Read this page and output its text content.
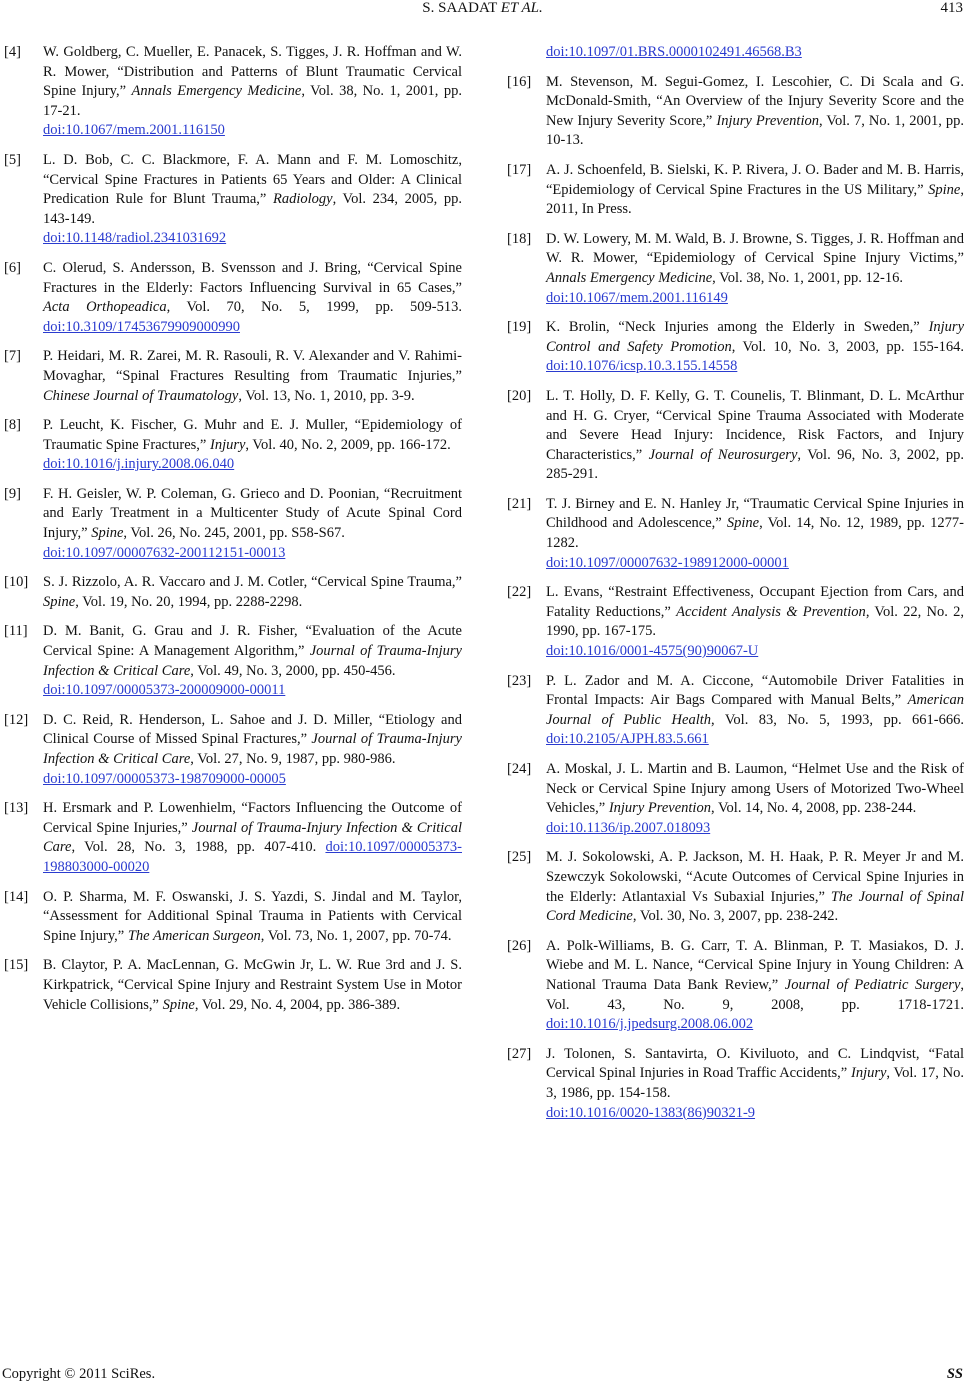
S. SAADAT ET AL.	413
[4] W. Goldberg, C. Mueller, E. Panacek, S. Tigges, J. R. Hoffman and W. R. Mower, “Distribution and Patterns of Blunt Traumatic Cervical Spine Injury,” Annals Emergency Medicine, Vol. 38, No. 1, 2001, pp. 17-21.
doi:10.1067/mem.2001.116150
[5] L. D. Bob, C. C. Blackmore, F. A. Mann and F. M. Lomoschitz, “Cervical Spine Fractures in Patients 65 Years and Older: A Clinical Predication Rule for Blunt Trauma,” Radiology, Vol. 234, 2005, pp. 143-149.
doi:10.1148/radiol.2341031692
[6] C. Olerud, S. Andersson, B. Svensson and J. Bring, “Cervical Spine Fractures in the Elderly: Factors Influencing Survival in 65 Cases,” Acta Orthopeadica, Vol. 70, No. 5, 1999, pp. 509-513. doi:10.3109/17453679909000990
[7] P. Heidari, M. R. Zarei, M. R. Rasouli, R. V. Alexander and V. Rahimi-Movaghar, “Spinal Fractures Resulting from Traumatic Injuries,” Chinese Journal of Traumatology, Vol. 13, No. 1, 2010, pp. 3-9.
[8] P. Leucht, K. Fischer, G. Muhr and E. J. Muller, “Epidemiology of Traumatic Spine Fractures,” Injury, Vol. 40, No. 2, 2009, pp. 166-172.
doi:10.1016/j.injury.2008.06.040
[9] F. H. Geisler, W. P. Coleman, G. Grieco and D. Poonian, “Recruitment and Early Treatment in a Multicenter Study of Acute Spinal Cord Injury,” Spine, Vol. 26, No. 245, 2001, pp. S58-S67.
doi:10.1097/00007632-200112151-00013
[10] S. J. Rizzolo, A. R. Vaccaro and J. M. Cotler, “Cervical Spine Trauma,” Spine, Vol. 19, No. 20, 1994, pp. 2288-2298.
[11] D. M. Banit, G. Grau and J. R. Fisher, “Evaluation of the Acute Cervical Spine: A Management Algorithm,” Journal of Trauma-Injury Infection & Critical Care, Vol. 49, No. 3, 2000, pp. 450-456.
doi:10.1097/00005373-200009000-00011
[12] D. C. Reid, R. Henderson, L. Sahoe and J. D. Miller, “Etiology and Clinical Course of Missed Spinal Fractures,” Journal of Trauma-Injury Infection & Critical Care, Vol. 27, No. 9, 1987, pp. 980-986.
doi:10.1097/00005373-198709000-00005
[13] H. Ersmark and P. Lowenhielm, “Factors Influencing the Outcome of Cervical Spine Injuries,” Journal of Trauma-Injury Infection & Critical Care, Vol. 28, No. 3, 1988, pp. 407-410. doi:10.1097/00005373-198803000-00020
[14] O. P. Sharma, M. F. Oswanski, J. S. Yazdi, S. Jindal and M. Taylor, “Assessment for Additional Spinal Trauma in Patients with Cervical Spine Injury,” The American Surgeon, Vol. 73, No. 1, 2007, pp. 70-74.
[15] B. Claytor, P. A. MacLennan, G. McGwin Jr, L. W. Rue 3rd and J. S. Kirkpatrick, “Cervical Spine Injury and Restraint System Use in Motor Vehicle Collisions,” Spine, Vol. 29, No. 4, 2004, pp. 386-389.
doi:10.1097/01.BRS.0000102491.46568.B3
[16] M. Stevenson, M. Segui-Gomez, I. Lescohier, C. Di Scala and G. McDonald-Smith, “An Overview of the Injury Severity Score and the New Injury Severity Score,” Injury Prevention, Vol. 7, No. 1, 2001, pp. 10-13.
[17] A. J. Schoenfeld, B. Sielski, K. P. Rivera, J. O. Bader and M. B. Harris, “Epidemiology of Cervical Spine Fractures in the US Military,” Spine, 2011, In Press.
[18] D. W. Lowery, M. M. Wald, B. J. Browne, S. Tigges, J. R. Hoffman and W. R. Mower, “Epidemiology of Cervical Spine Injury Victims,” Annals Emergency Medicine, Vol. 38, No. 1, 2001, pp. 12-16.
doi:10.1067/mem.2001.116149
[19] K. Brolin, “Neck Injuries among the Elderly in Sweden,” Injury Control and Safety Promotion, Vol. 10, No. 3, 2003, pp. 155-164. doi:10.1076/icsp.10.3.155.14558
[20] L. T. Holly, D. F. Kelly, G. T. Counelis, T. Blinmant, D. L. McArthur and H. G. Cryer, “Cervical Spine Trauma Associated with Moderate and Severe Head Injury: Incidence, Risk Factors, and Injury Characteristics,” Journal of Neurosurgery, Vol. 96, No. 3, 2002, pp. 285-291.
[21] T. J. Birney and E. N. Hanley Jr, “Traumatic Cervical Spine Injuries in Childhood and Adolescence,” Spine, Vol. 14, No. 12, 1989, pp. 1277-1282.
doi:10.1097/00007632-198912000-00001
[22] L. Evans, “Restraint Effectiveness, Occupant Ejection from Cars, and Fatality Reductions,” Accident Analysis & Prevention, Vol. 22, No. 2, 1990, pp. 167-175.
doi:10.1016/0001-4575(90)90067-U
[23] P. L. Zador and M. A. Ciccone, “Automobile Driver Fatalities in Frontal Impacts: Air Bags Compared with Manual Belts,” American Journal of Public Health, Vol. 83, No. 5, 1993, pp. 661-666. doi:10.2105/AJPH.83.5.661
[24] A. Moskal, J. L. Martin and B. Laumon, “Helmet Use and the Risk of Neck or Cervical Spine Injury among Users of Motorized Two-Wheel Vehicles,” Injury Prevention, Vol. 14, No. 4, 2008, pp. 238-244.
doi:10.1136/ip.2007.018093
[25] M. J. Sokolowski, A. P. Jackson, M. H. Haak, P. R. Meyer Jr and M. Szewczyk Sokolowski, “Acute Outcomes of Cervical Spine Injuries in the Elderly: Atlantaxial Vs Subaxial Injuries,” The Journal of Spinal Cord Medicine, Vol. 30, No. 3, 2007, pp. 238-242.
[26] A. Polk-Williams, B. G. Carr, T. A. Blinman, P. T. Masiakos, D. J. Wiebe and M. L. Nance, “Cervical Spine Injury in Young Children: A National Trauma Data Bank Review,” Journal of Pediatric Surgery, Vol. 43, No. 9, 2008, pp. 1718-1721. doi:10.1016/j.jpedsurg.2008.06.002
[27] J. Tolonen, S. Santavirta, O. Kiviluoto, and C. Lindqvist, “Fatal Cervical Spinal Injuries in Road Traffic Accidents,” Injury, Vol. 17, No. 3, 1986, pp. 154-158.
doi:10.1016/0020-1383(86)90321-9
Copyright © 2011 SciRes.	SS
